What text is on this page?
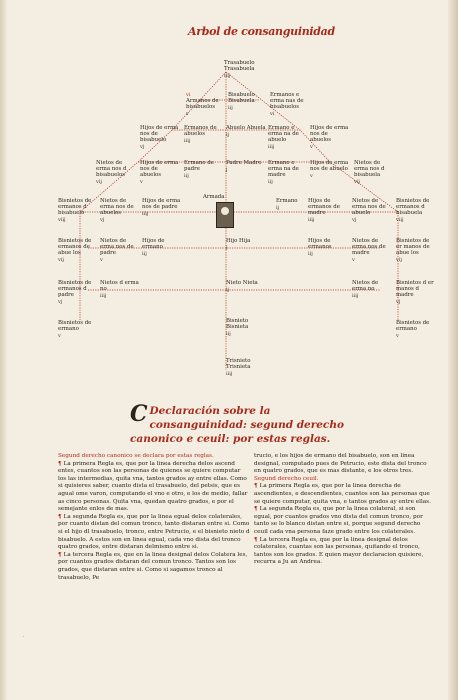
Arbol de consanguinidad
Trasabuelo Trasabuela
iiij
vi
Armanos de bisabuelos
v
Bisabuelo Bisabuela
iij
Ermanos e erma nas de bisabuelos
vi
Hijos de erma nos de bisabuelo
vj
Ermanos de abuelos
iiij
Abuelo Abuela
ij
Ermano e erma na de abuelo
iiij
Hijos de erma nos de abuelos
v
Nietos de erma nos d bisabuelos
vij
Hijos de erma nos de abuelos
v
Ermano de padre
iij
Padre Madre
j
Ermano e erma na de madre
iij
Hijos de erma nos de abuelo
v
Nietos de erma nos d bisabuela
vij
Bisnietos de ermanos d bisabuelo
viij
Nietos de erma nos de abuelos
vj
Hijos de erma nos de padre
iiij
Ermano
ij
Hijos de ermanos de madre
iiij
Nietos de erma nos de abuelo
vj
Bisnietos de ermanos d bisabuela
viij
Bisnietos de ermanos de abue los
vij
Nietos de erma nos de padre
v
Hijos de ermano
iij
Hijo Hija
j
Hijos de ermanos
iij
Nietos de erma nos de madre
v
Bisnietos de er manos de abue los
vij
Bisnietos de ermanos d padre
vj
Nietos d erma no
iiij
Nieto Nieta
ij
Nietos de erma no
iiij
Bisnietos d er manos d madre
vj
Bisnietos de ermano
v
Bisnieto Bisnieta
iij
Bisnietos de ermano
v
Trisnieto Trisnieta
iiij
Armada
C Declaración sobre la consanguinidad: segund derecho canonico e ceuil: por estas reglas.

Segund derecho canonico se declara por estas reglas.

¶ La primera Regla es, que por la linea derecha delos ascend entes, cuantos son las personas de quienes se quiere computar los las intermedias, quita vna, tantos grados ay entre ellas. Como si quisieres saber, cuanto dista el trasabuelo, del petsis, que es agual ome varon, computando el vno e otro, e los de medio, fallar as cinco personas. Quita vna, quedan quatro grados, e por el semejante enlos de mas.

¶ La segunda Regla es, que por la linea egual delos colaterales, por cuanto distan del comun tronco, tanto distaran entre si. Como si el hijo dl trasabuelo, tronco, entre Petrucio, e el bisnieto nieto d bisabuelo. A estos son en linea egual, cada vno dista del tronco quatro grados, entre distaran delmismo entre si.

¶ La tercera Regla es, que en la linea designal delos Colatera les, por cuantos grados distaran del comun tronco. Tantos son los grados, que distaran entre si. Como si sagamos tronco al trasabuelo, Pe

trucio, e los hijos de ermano del bisabuelo, son en linea designal, computado pues de Petrucio, este dista del tronco en quatro grados, que es mas distante, e los otros tres.

Segund derecho ceuil.

¶ La primera Regla es, que por la linea derecha de ascendientes, e descendientes, cuantos son las personas que se quiere computar, quita vna, e tantos grados ay entre ellas.

¶ La segunda Regla es, que por la linea colateral, si son egual, por cuantos grados vno dista del comun tronco, por tanto se lo blanco distan entre si, porque segund derecho ceuil cada vna persona faze grado entre los colaterales.

¶ La tercera Regla es, que por la linea designal delos colaterales, cuantas son las personas, quitando el tronco, tantos son los grados. E quien mayor declaracion quisiere, recurra a Ju an Andrea.

.
